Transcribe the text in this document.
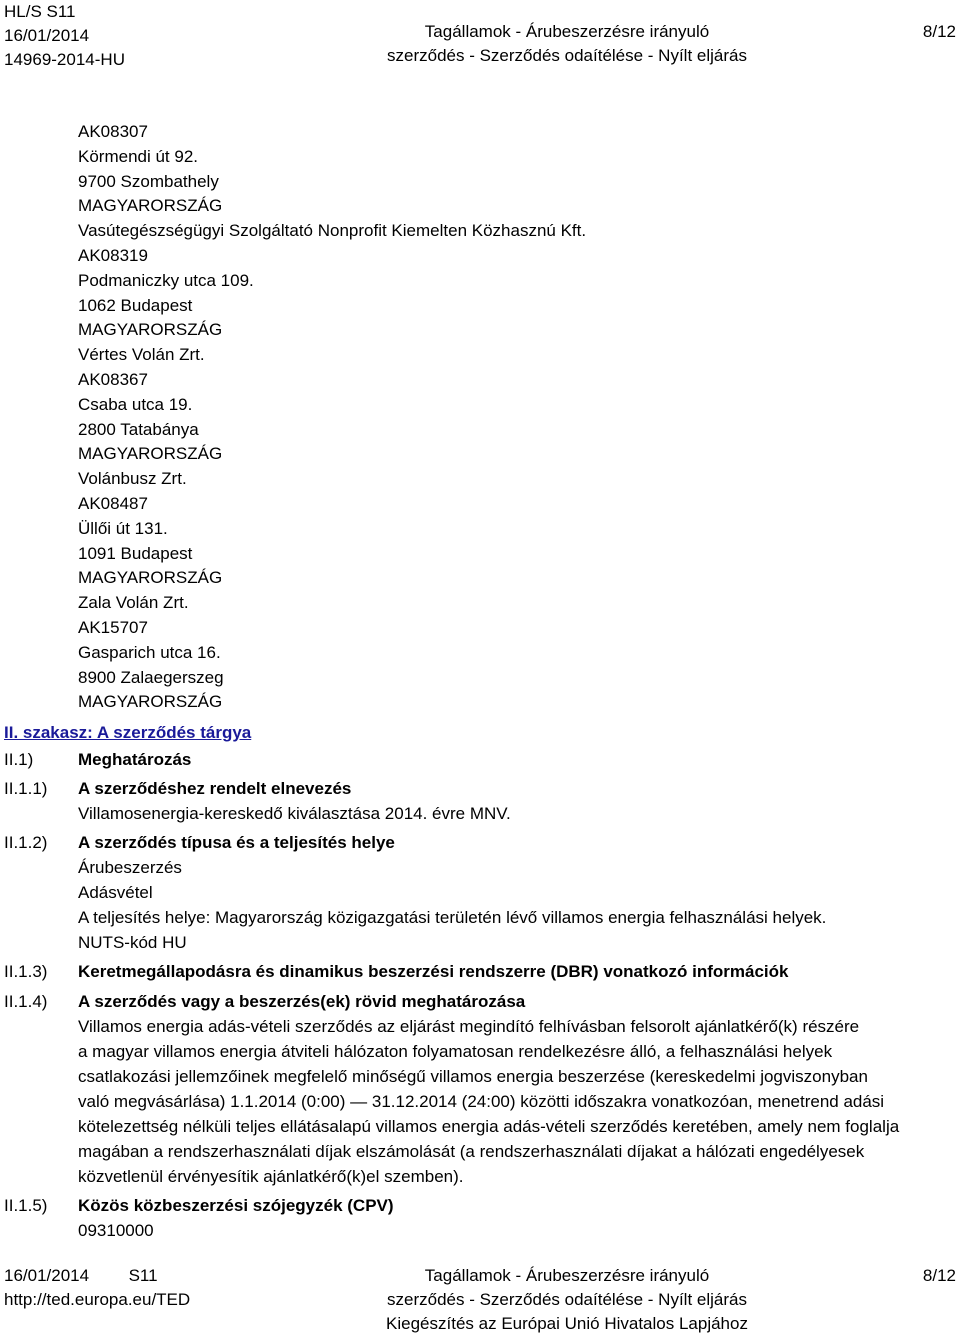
HL/S S11
16/01/2014
14969-2014-HU
Tagállamok - Árubeszerzésre irányuló
szerződés - Szerződés odaítélése - Nyílt eljárás
8/12
AK08307
Körmendi út 92.
9700 Szombathely
MAGYARORSZÁG
Vasútegészségügyi Szolgáltató Nonprofit Kiemelten Közhasznú Kft.
AK08319
Podmaniczky utca 109.
1062 Budapest
MAGYARORSZÁG
Vértes Volán Zrt.
AK08367
Csaba utca 19.
2800 Tatabánya
MAGYARORSZÁG
Volánbusz Zrt.
AK08487
Üllői út 131.
1091 Budapest
MAGYARORSZÁG
Zala Volán Zrt.
AK15707
Gasparich utca 16.
8900 Zalaegerszeg
MAGYARORSZÁG
II. szakasz: A szerződés tárgya
II.1)	Meghatározás
II.1.1)	A szerződéshez rendelt elnevezés
Villamosenergia-kereskedő kiválasztása 2014. évre MNV.
II.1.2)	A szerződés típusa és a teljesítés helye
Árubeszerzés
Adásvétel
A teljesítés helye: Magyarország közigazgatási területén lévő villamos energia felhasználási helyek.
NUTS-kód HU
II.1.3)	Keretmegállapodásra és dinamikus beszerzési rendszerre (DBR) vonatkozó információk
II.1.4)	A szerződés vagy a beszerzés(ek) rövid meghatározása
Villamos energia adás-vételi szerződés az eljárást megindító felhívásban felsorolt ajánlatkérő(k) részére
a magyar villamos energia átviteli hálózaton folyamatosan rendelkezésre álló, a felhasználási helyek
csatlakozási jellemzőinek megfelelő minőségű villamos energia beszerzése (kereskedelmi jogviszonyban
való megvásárlása) 1.1.2014 (0:00) — 31.12.2014 (24:00) közötti időszakra vonatkozóan, menetrend adási
kötelezettség nélküli teljes ellátásalapú villamos energia adás-vételi szerződés keretében, amely nem foglalja
magában a rendszerhasználati díjak elszámolását (a rendszerhasználati díjakat a hálózati engedélyesek
közvetlenül érvényesítik ajánlatkérő(k)el szemben).
II.1.5)	Közös közbeszerzési szójegyzék (CPV)
09310000
16/01/2014 S11
http://ted.europa.eu/TED
Tagállamok - Árubeszerzésre irányuló
szerződés - Szerződés odaítélése - Nyílt eljárás
Kiegészítés az Európai Unió Hivatalos Lapjához
8/12
